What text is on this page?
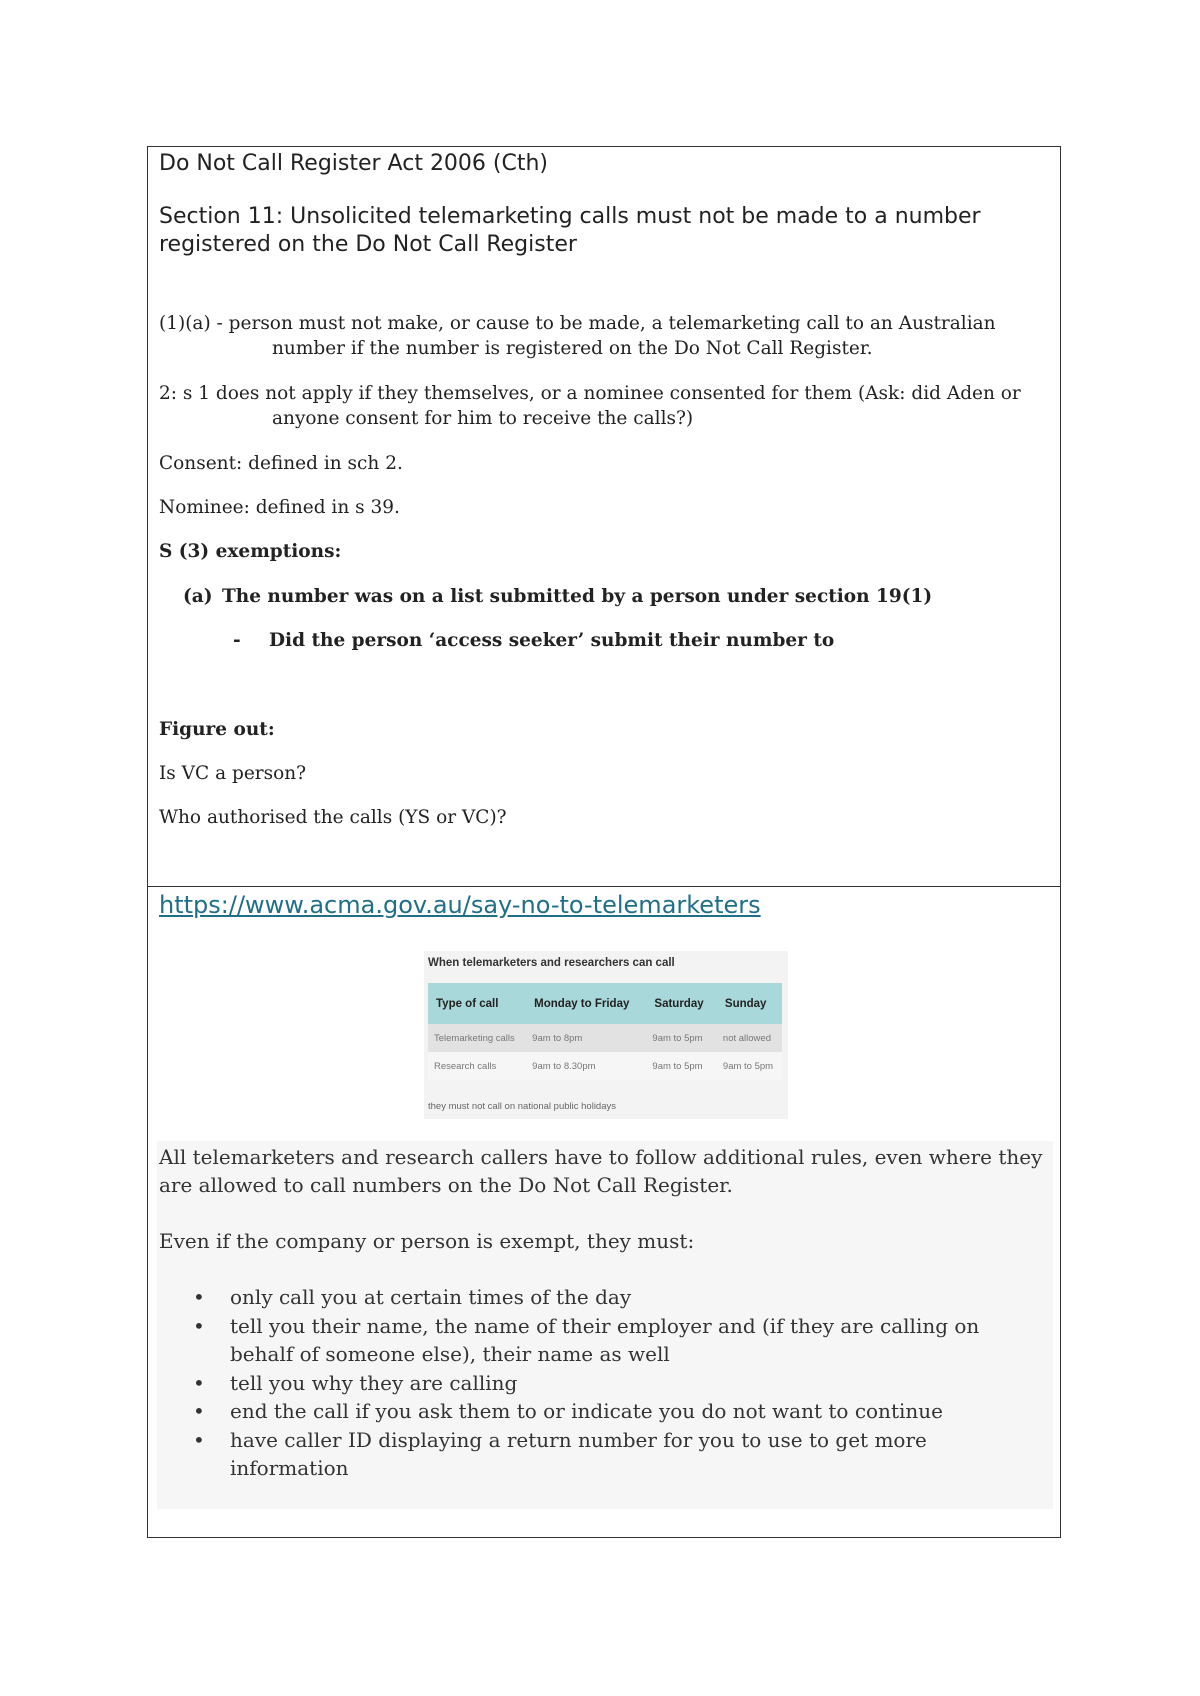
Do Not Call Register Act 2006 (Cth)
Section 11: Unsolicited telemarketing calls must not be made to a number registered on the Do Not Call Register

(1)(a) - person must not make, or cause to be made, a telemarketing call to an Australian number if the number is registered on the Do Not Call Register.

2: s 1 does not apply if they themselves, or a nominee consented for them (Ask: did Aden or anyone consent for him to receive the calls?)

Consent: defined in sch 2.

Nominee: defined in s 39.

S (3) exemptions:

(a) The number was on a list submitted by a person under section 19(1)

- Did the person ‘access seeker’ submit their number to

Figure out:

Is VC a person?

Who authorised the calls (YS or VC)?

https://www.acma.gov.au/say-no-to-telemarketers
When telemarketers and researchers can call
Type of call	Monday to Friday	Saturday	Sunday
Telemarketing calls	9am to 8pm	9am to 5pm	not allowed
Research calls	9am to 8.30pm	9am to 5pm	9am to 5pm
they must not call on national public holidays

All telemarketers and research callers have to follow additional rules, even where they are allowed to call numbers on the Do Not Call Register.

Even if the company or person is exempt, they must:

• only call you at certain times of the day
• tell you their name, the name of their employer and (if they are calling on behalf of someone else), their name as well
• tell you why they are calling
• end the call if you ask them to or indicate you do not want to continue
• have caller ID displaying a return number for you to use to get more information
